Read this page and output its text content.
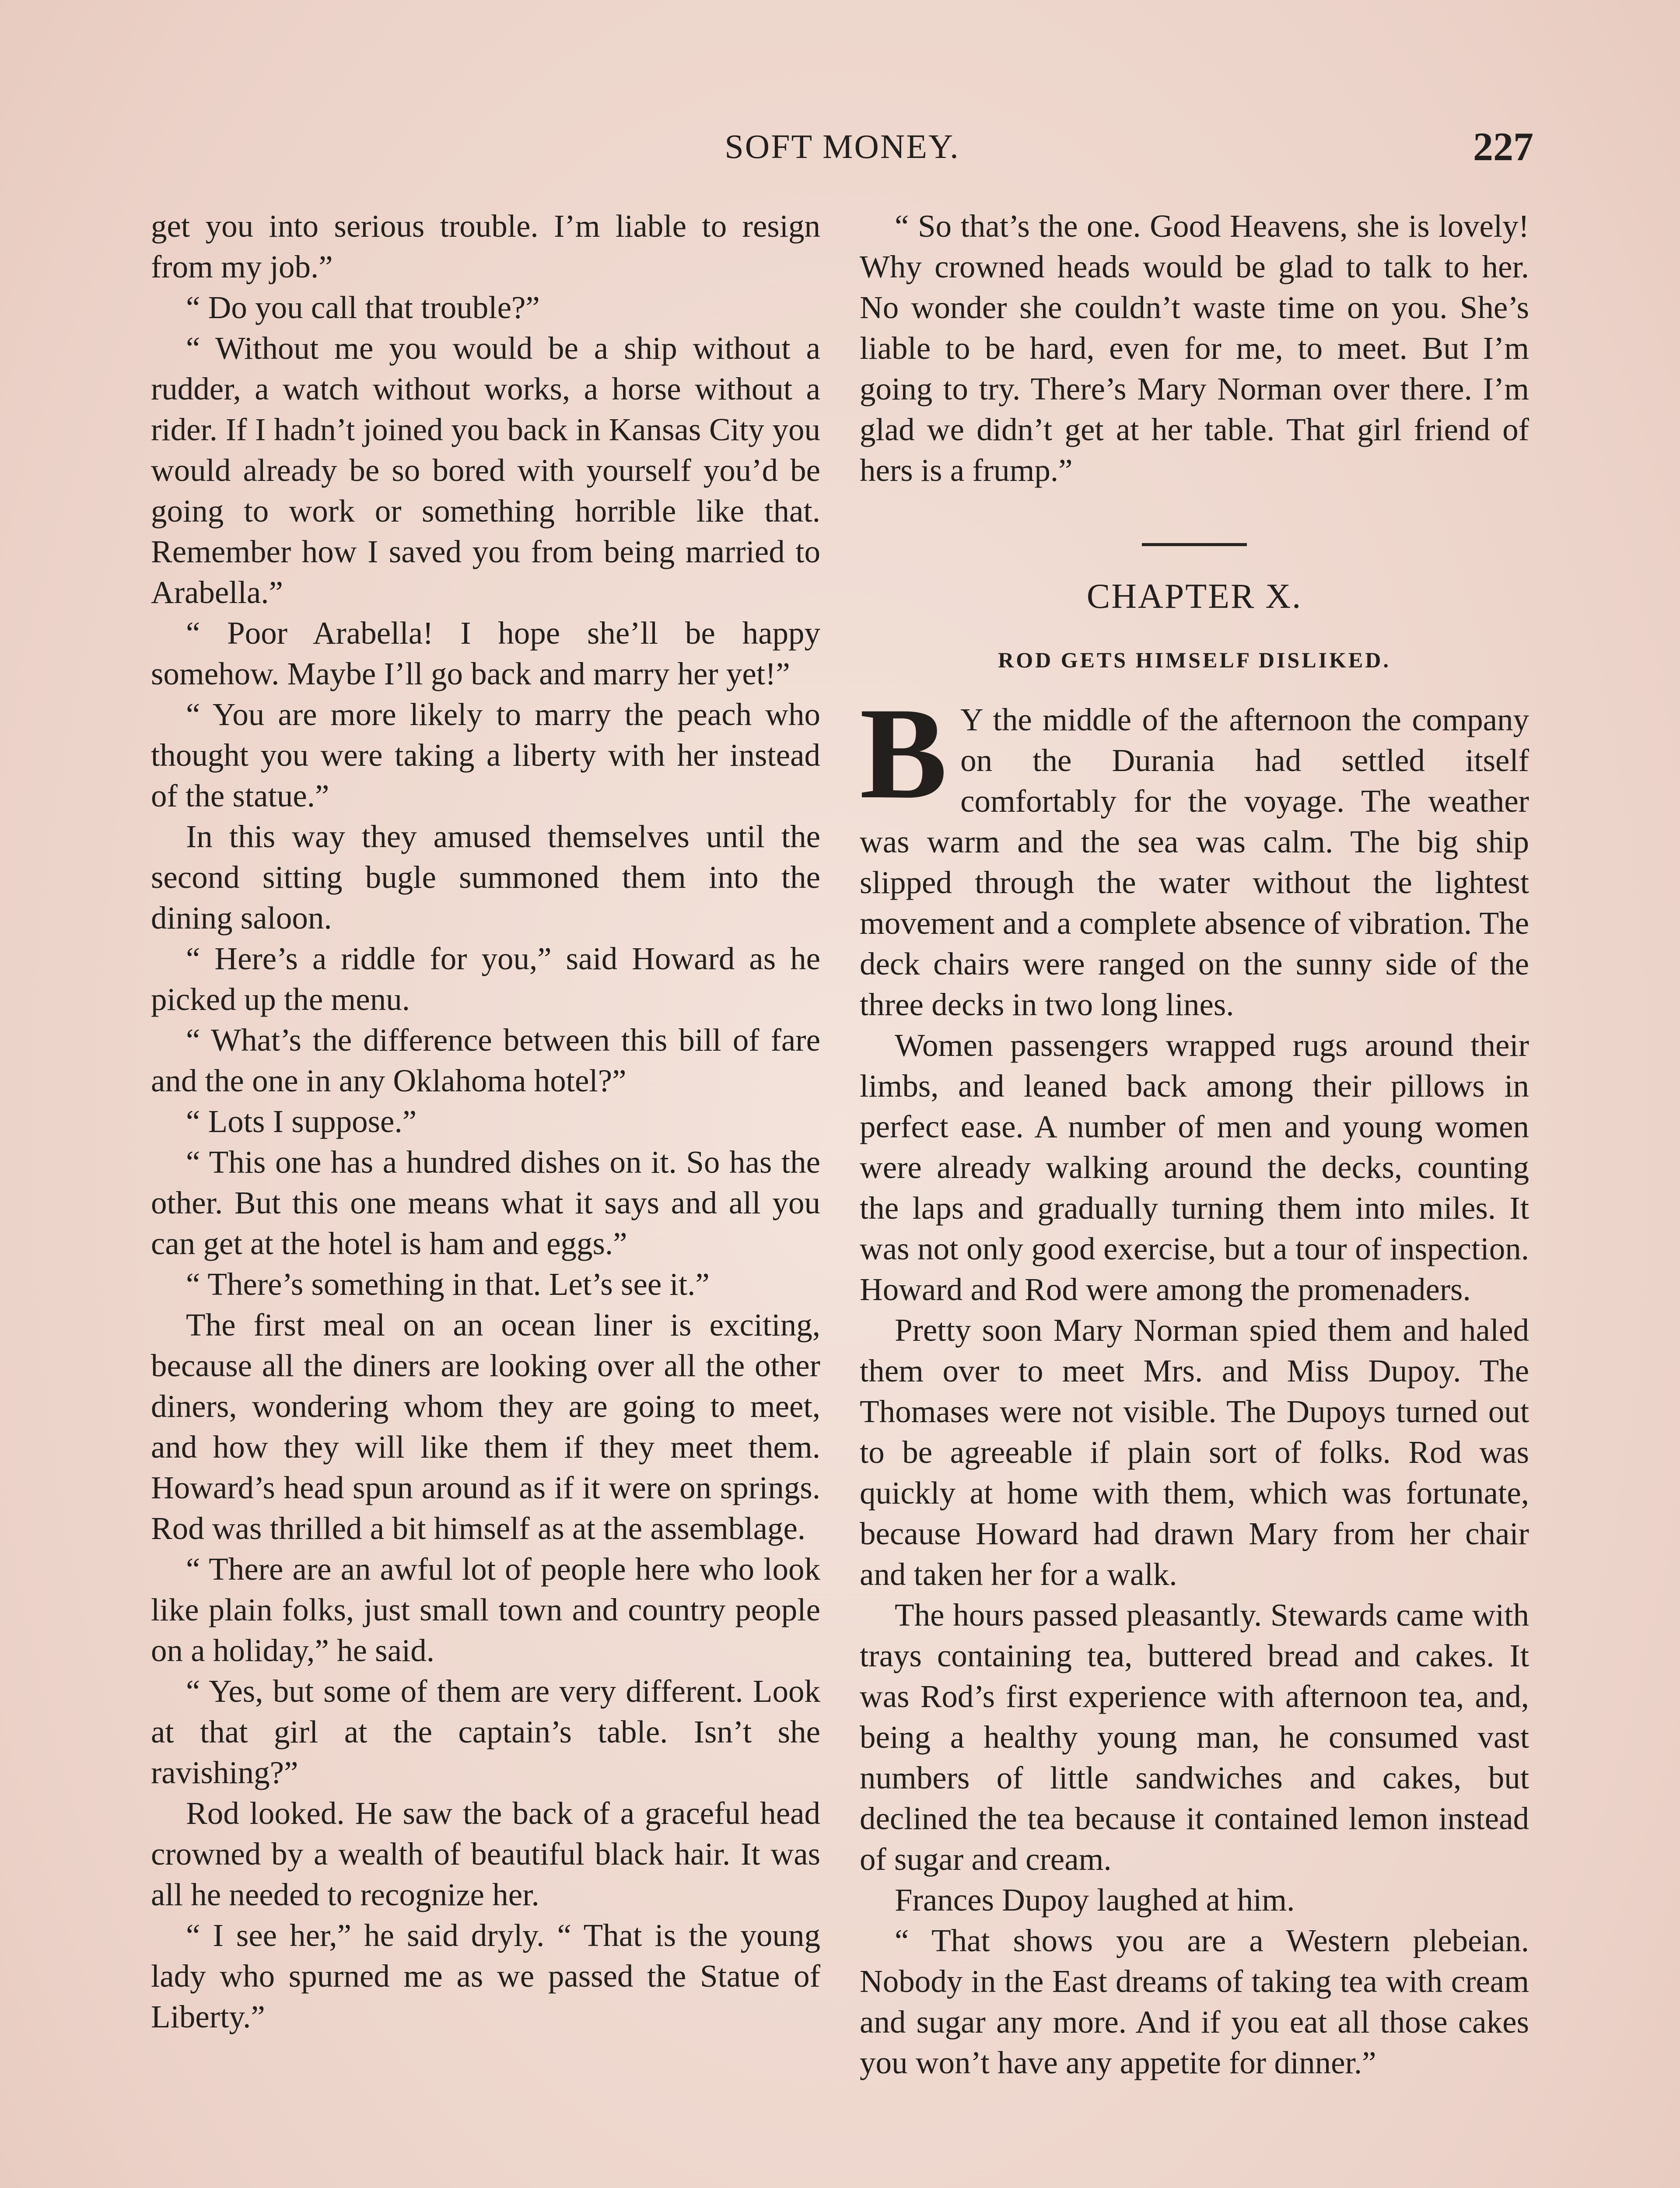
SOFT MONEY.	227

get you into serious trouble. I’m liable to resign from my job.”

“ Do you call that trouble?”

“ Without me you would be a ship without a rudder, a watch without works, a horse without a rider. If I hadn’t joined you back in Kansas City you would already be so bored with yourself you’d be going to work or something horrible like that. Remember how I saved you from being married to Arabella.”

“ Poor Arabella! I hope she’ll be happy somehow. Maybe I’ll go back and marry her yet!”

“ You are more likely to marry the peach who thought you were taking a liberty with her instead of the statue.”

In this way they amused themselves until the second sitting bugle summoned them into the dining saloon.

“ Here’s a riddle for you,” said Howard as he picked up the menu.

“ What’s the difference between this bill of fare and the one in any Oklahoma hotel?”

“ Lots I suppose.”

“ This one has a hundred dishes on it. So has the other. But this one means what it says and all you can get at the hotel is ham and eggs.”

“ There’s something in that. Let’s see it.”

The first meal on an ocean liner is exciting, because all the diners are looking over all the other diners, wondering whom they are going to meet, and how they will like them if they meet them. Howard’s head spun around as if it were on springs. Rod was thrilled a bit himself as at the assemblage.

“ There are an awful lot of people here who look like plain folks, just small town and country people on a holiday,” he said.

“ Yes, but some of them are very different. Look at that girl at the captain’s table. Isn’t she ravishing?”

Rod looked. He saw the back of a graceful head crowned by a wealth of beautiful black hair. It was all he needed to recognize her.

“ I see her,” he said dryly. “ That is the young lady who spurned me as we passed the Statue of Liberty.”

“ So that’s the one. Good Heavens, she is lovely! Why crowned heads would be glad to talk to her. No wonder she couldn’t waste time on you. She’s liable to be hard, even for me, to meet. But I’m going to try. There’s Mary Norman over there. I’m glad we didn’t get at her table. That girl friend of hers is a frump.”

CHAPTER X.
ROD GETS HIMSELF DISLIKED.

B Y the middle of the afternoon the company on the Durania had settled itself comfortably for the voyage. The weather was warm and the sea was calm. The big ship slipped through the water without the lightest movement and a complete absence of vibration. The deck chairs were ranged on the sunny side of the three decks in two long lines.

Women passengers wrapped rugs around their limbs, and leaned back among their pillows in perfect ease. A number of men and young women were already walking around the decks, counting the laps and gradually turning them into miles. It was not only good exercise, but a tour of inspection. Howard and Rod were among the promenaders.

Pretty soon Mary Norman spied them and haled them over to meet Mrs. and Miss Dupoy. The Thomases were not visible. The Dupoys turned out to be agreeable if plain sort of folks. Rod was quickly at home with them, which was fortunate, because Howard had drawn Mary from her chair and taken her for a walk.

The hours passed pleasantly. Stewards came with trays containing tea, buttered bread and cakes. It was Rod’s first experience with afternoon tea, and, being a healthy young man, he consumed vast numbers of little sandwiches and cakes, but declined the tea because it contained lemon instead of sugar and cream.

Frances Dupoy laughed at him.

“ That shows you are a Western plebeian. Nobody in the East dreams of taking tea with cream and sugar any more. And if you eat all those cakes you won’t have any appetite for dinner.”
